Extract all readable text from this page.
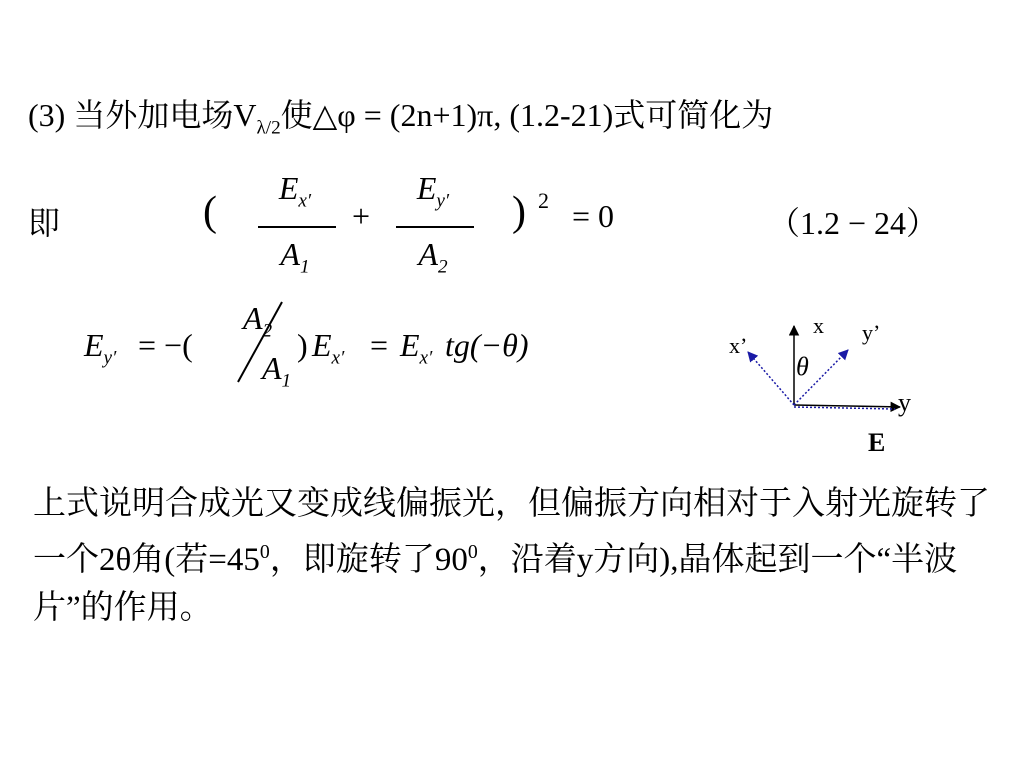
(3) 当外加电场$V_{\lambda/2}$使△φ = (2n+1)π, (1.2-21)式可简化为
即	(
$E_{x'}$
$A_1$
+
$E_{y'}$
$A_2$
) 2 = 0	（1.2 − 24）
$E_{y'}$ = −(
$A_2$
$A_1$
) $E_{x'} = E_{x'}$ tg(−θ)
x y’
x’
θ
y
E
上式说明合成光又变成线偏振光，但偏振方向相对于入射光旋转了一个2θ角(若$=45^0$，即旋转了$90^0$，沿着y方向),晶体起到一个“半波片”的作用。
